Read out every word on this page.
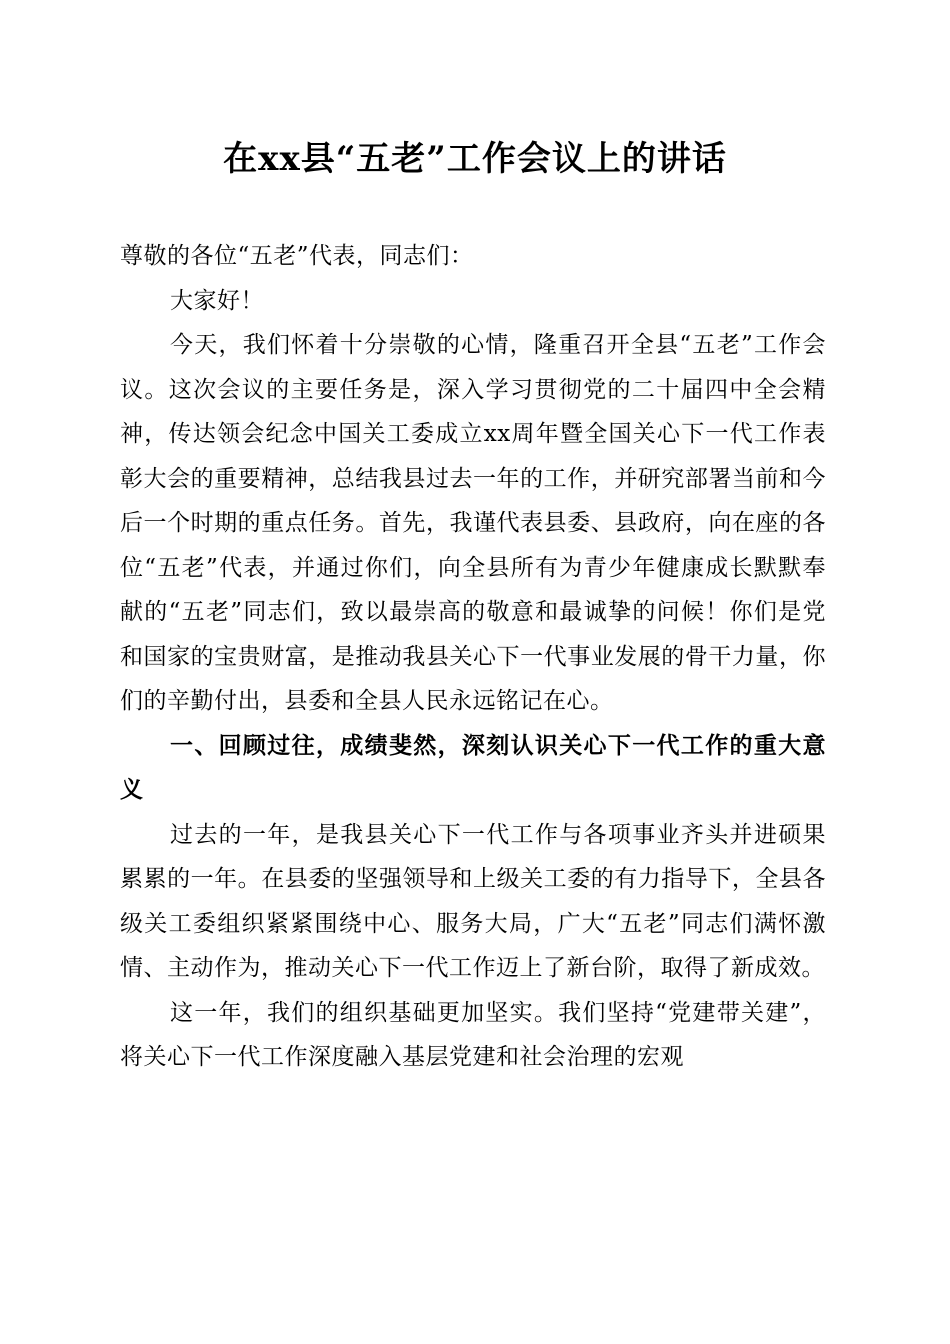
在xx县“五老”工作会议上的讲话

尊敬的各位“五老”代表，同志们：

大家好！

今天，我们怀着十分崇敬的心情，隆重召开全县“五老”工作会议。这次会议的主要任务是，深入学习贯彻党的二十届四中全会精神，传达领会纪念中国关工委成立xx周年暨全国关心下一代工作表彰大会的重要精神，总结我县过去一年的工作，并研究部署当前和今后一个时期的重点任务。首先，我谨代表县委、县政府，向在座的各位“五老”代表，并通过你们，向全县所有为青少年健康成长默默奉献的“五老”同志们，致以最崇高的敬意和最诚挚的问候！你们是党和国家的宝贵财富，是推动我县关心下一代事业发展的骨干力量，你们的辛勤付出，县委和全县人民永远铭记在心。

一、回顾过往，成绩斐然，深刻认识关心下一代工作的重大意义

过去的一年，是我县关心下一代工作与各项事业齐头并进硕果累累的一年。在县委的坚强领导和上级关工委的有力指导下，全县各级关工委组织紧紧围绕中心、服务大局，广大“五老”同志们满怀激情、主动作为，推动关心下一代工作迈上了新台阶，取得了新成效。

这一年，我们的组织基础更加坚实。我们坚持“党建带关建”，将关心下一代工作深度融入基层党建和社会治理的宏观
